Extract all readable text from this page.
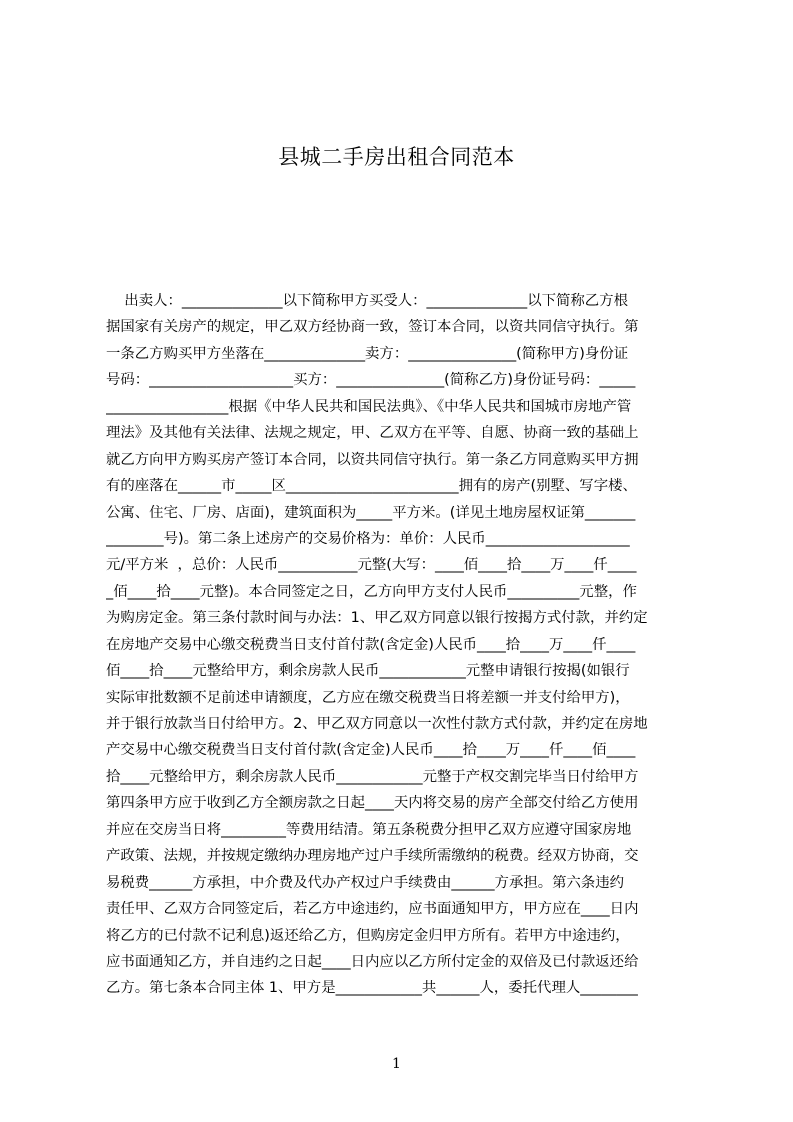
县城二手房出租合同范本
出卖人：______________以下简称甲方买受人：______________以下简称乙方根
据国家有关房产的规定，甲乙双方经协商一致，签订本合同，以资共同信守执行。第
一条乙方购买甲方坐落在______________卖方：_______________(简称甲方)身份证
号码：____________________买方：_______________(简称乙方)身份证号码：_____
_________________根据《中华人民共和国民法典》、《中华人民共和国城市房地产管
理法》及其他有关法律、法规之规定，甲、乙双方在平等、自愿、协商一致的基础上
就乙方向甲方购买房产签订本合同，以资共同信守执行。第一条乙方同意购买甲方拥
有的座落在______市_____区________________________拥有的房产(别墅、写字楼、
公寓、住宅、厂房、店面)，建筑面积为_____平方米。(详见土地房屋权证第_______
________号)。第二条上述房产的交易价格为：单价：人民币____________________
元/平方米  ，总价：人民币___________元整(大写：____佰____拾____万____仟____
_佰____拾____元整)。本合同签定之日，乙方向甲方支付人民币__________元整，作
为购房定金。第三条付款时间与办法：1、甲乙双方同意以银行按揭方式付款，并约定
在房地产交易中心缴交税费当日支付首付款(含定金)人民币____拾____万____仟____
佰____拾____元整给甲方，剩余房款人民币____________元整申请银行按揭(如银行
实际审批数额不足前述申请额度，乙方应在缴交税费当日将差额一并支付给甲方)，
并于银行放款当日付给甲方。2、甲乙双方同意以一次性付款方式付款，并约定在房地
产交易中心缴交税费当日支付首付款(含定金)人民币____拾____万____仟____佰____
拾____元整给甲方，剩余房款人民币____________元整于产权交割完毕当日付给甲方
第四条甲方应于收到乙方全额房款之日起____天内将交易的房产全部交付给乙方使用
并应在交房当日将_________等费用结清。第五条税费分担甲乙双方应遵守国家房地
产政策、法规，并按规定缴纳办理房地产过户手续所需缴纳的税费。经双方协商，交
易税费______方承担，中介费及代办产权过户手续费由______方承担。第六条违约
责任甲、乙双方合同签定后，若乙方中途违约，应书面通知甲方，甲方应在____日内
将乙方的已付款不记利息)返还给乙方，但购房定金归甲方所有。若甲方中途违约，
应书面通知乙方，并自违约之日起____日内应以乙方所付定金的双倍及已付款返还给
乙方。第七条本合同主体 1、甲方是____________共______人，委托代理人________
1
